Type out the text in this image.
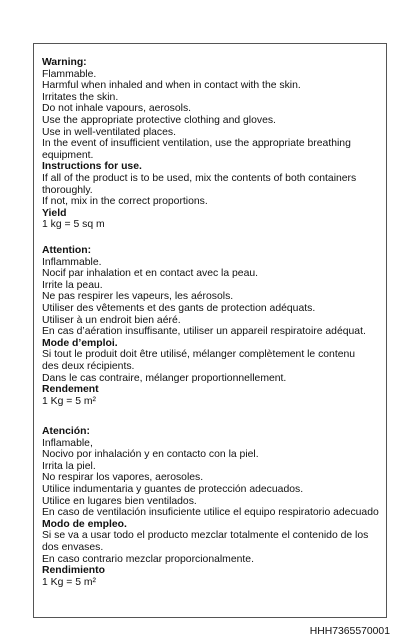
Warning:

Flammable.

Harmful when inhaled and when in contact with the skin.

Irritates the skin.

Do not inhale vapours, aerosols.

Use the appropriate protective clothing and gloves.

Use in well-ventilated places.

In the event of insufficient ventilation, use the appropriate breathing

equipment.

Instructions for use.

If all of the product is to be used, mix the contents of both containers

thoroughly.

If not, mix in the correct proportions.

Yield

1 kg = 5 sq m

Attention:

Inflammable.

Nocif par inhalation et en contact avec la peau.

Irrite la peau.

Ne pas respirer les vapeurs, les aérosols.

Utiliser des vêtements et des gants de protection adéquats.

Utiliser à un endroit bien aéré.

En cas d’aération insuffisante, utiliser un appareil respiratoire adéquat.

Mode d’emploi.

Si tout le produit doit être utilisé, mélanger complètement le contenu

des deux récipients.

Dans le cas contraire, mélanger proportionnellement.

Rendement

1 Kg = 5 m²

Atención:

Inflamable,

Nocivo por inhalación y en contacto con la piel.

Irrita la piel.

No respirar los vapores, aerosoles.

Utilice indumentaria y guantes de protección adecuados.

Utilice en lugares bien ventilados.

En caso de ventilación insuficiente utilice el equipo respiratorio adecuado

Modo de empleo.

Si se va a usar todo el producto mezclar totalmente el contenido de los

dos envases.

En caso contrario mezclar proporcionalmente.

Rendimiento

1 Kg = 5 m²

HHH7365570001
